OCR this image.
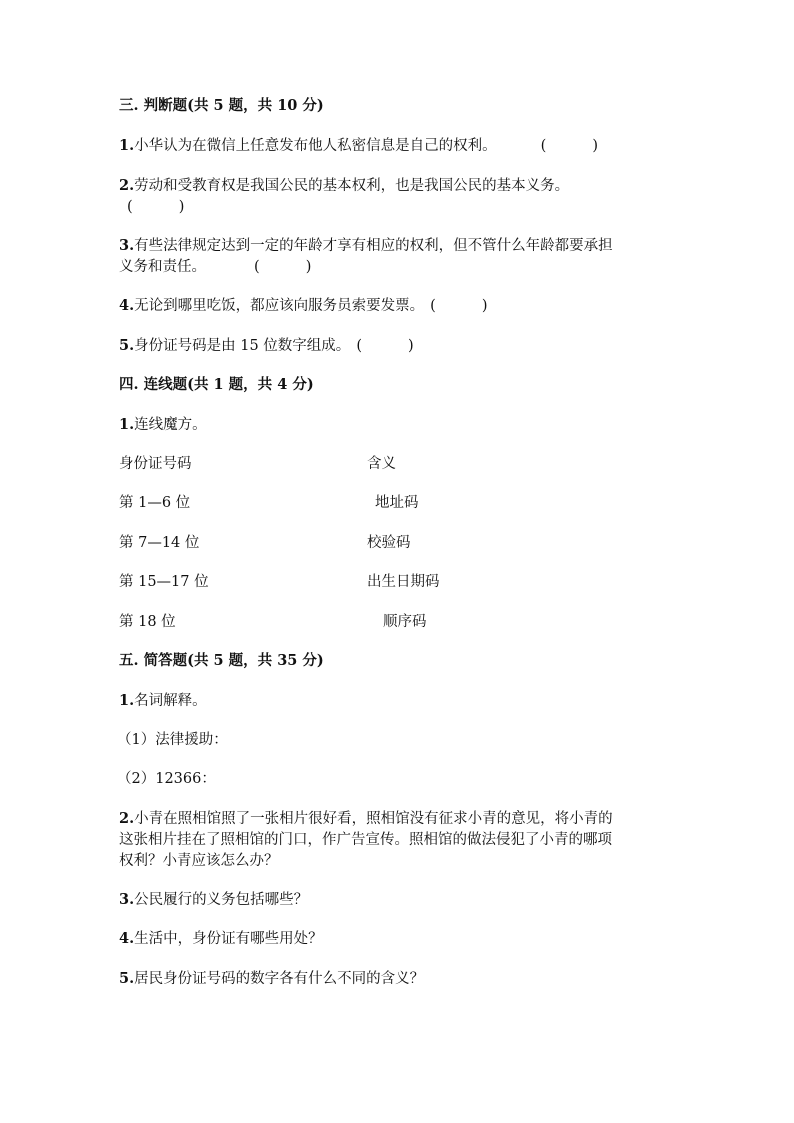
三. 判断题(共 5 题，共 10 分)
1.小华认为在微信上任意发布他人私密信息是自己的权利。	(          )
2.劳动和受教育权是我国公民的基本权利，也是我国公民的基本义务。
(          )
3.有些法律规定达到一定的年龄才享有相应的权利，但不管什么年龄都要承担
义务和责任。	(          )
4.无论到哪里吃饭，都应该向服务员索要发票。 (          )
5.身份证号码是由 15 位数字组成。 (          )
四. 连线题(共 1 题，共 4 分)
1.连线魔方。
身份证号码	含义
第 1—6 位	地址码
第 7—14 位	校验码
第 15—17 位	出生日期码
第 18 位	顺序码
五. 简答题(共 5 题，共 35 分)
1.名词解释。
（1）法律援助：
（2）12366：
2.小青在照相馆照了一张相片很好看，照相馆没有征求小青的意见，将小青的
这张相片挂在了照相馆的门口，作广告宣传。照相馆的做法侵犯了小青的哪项
权利？小青应该怎么办？
3.公民履行的义务包括哪些？
4.生活中，身份证有哪些用处？
5.居民身份证号码的数字各有什么不同的含义？
